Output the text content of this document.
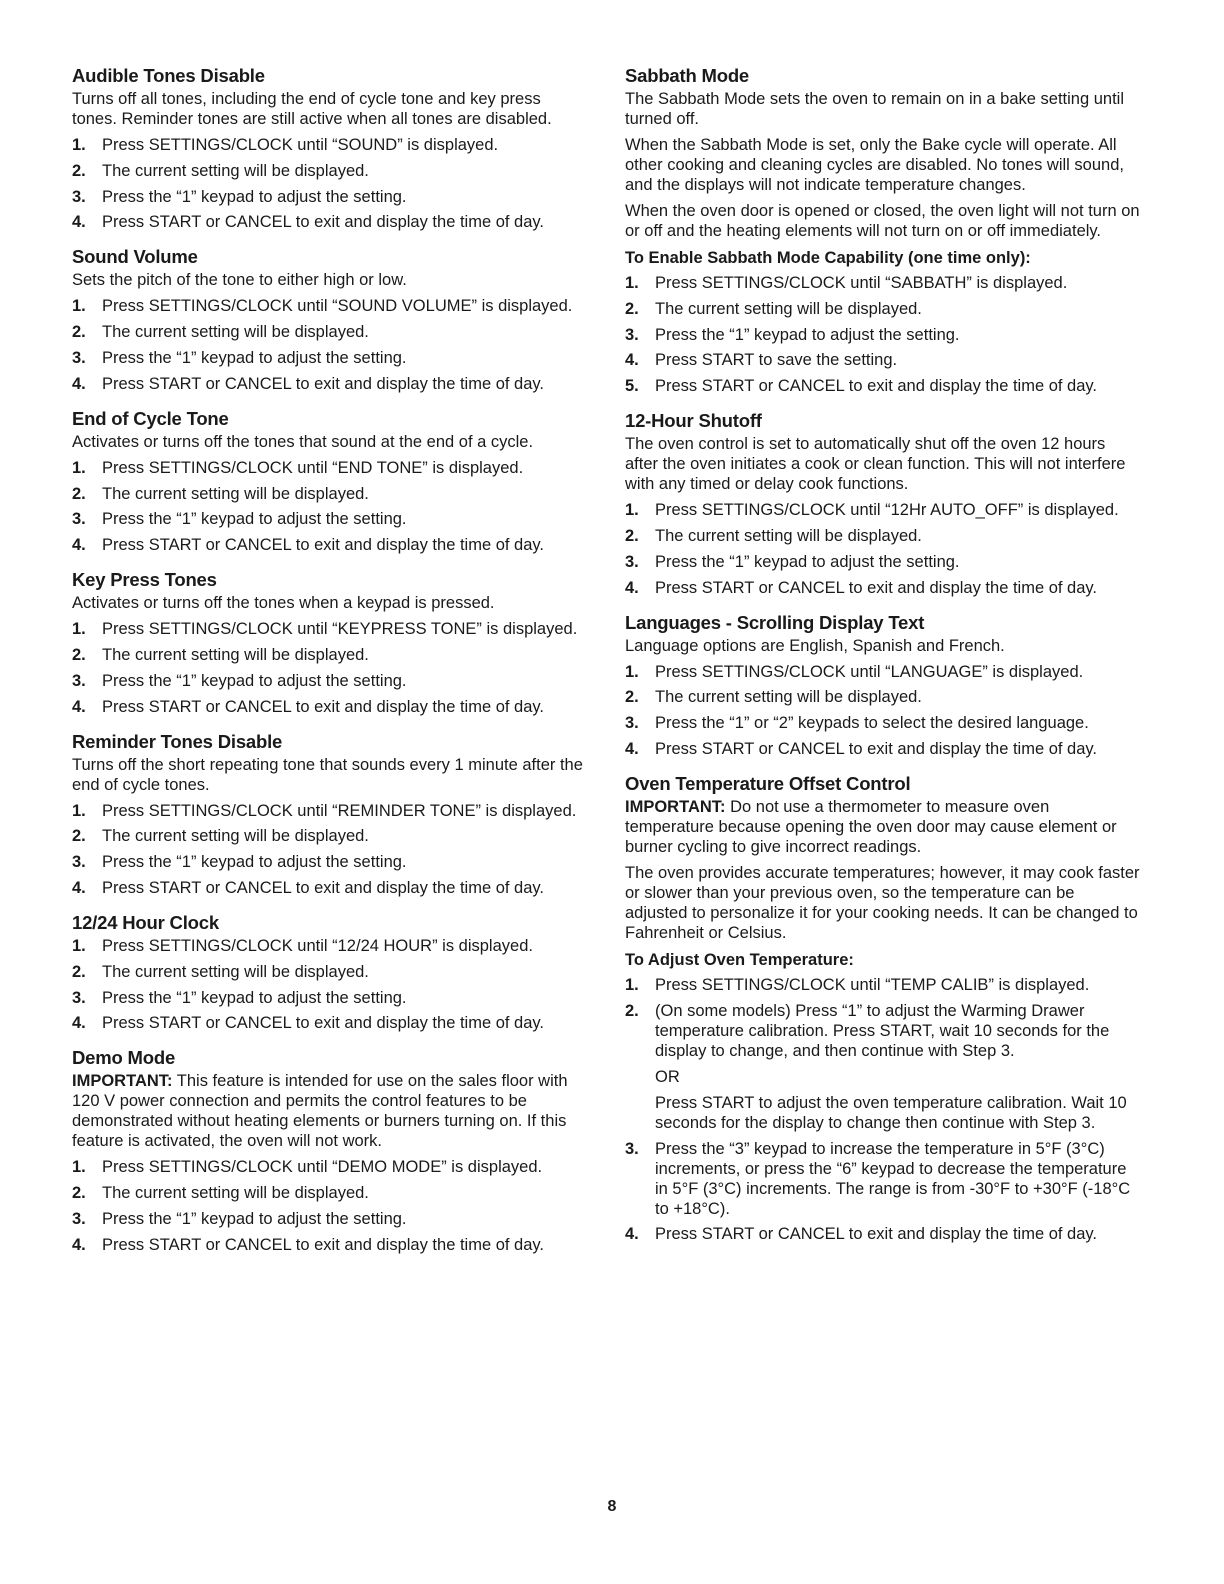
Audible Tones Disable

Turns off all tones, including the end of cycle tone and key press tones. Reminder tones are still active when all tones are disabled.

1. Press SETTINGS/CLOCK until “SOUND” is displayed.
2. The current setting will be displayed.
3. Press the “1” keypad to adjust the setting.
4. Press START or CANCEL to exit and display the time of day.
Sound Volume

Sets the pitch of the tone to either high or low.

1. Press SETTINGS/CLOCK until “SOUND VOLUME” is displayed.
2. The current setting will be displayed.
3. Press the “1” keypad to adjust the setting.
4. Press START or CANCEL to exit and display the time of day.
End of Cycle Tone

Activates or turns off the tones that sound at the end of a cycle.

1. Press SETTINGS/CLOCK until “END TONE” is displayed.
2. The current setting will be displayed.
3. Press the “1” keypad to adjust the setting.
4. Press START or CANCEL to exit and display the time of day.
Key Press Tones

Activates or turns off the tones when a keypad is pressed.

1. Press SETTINGS/CLOCK until “KEYPRESS TONE” is displayed.
2. The current setting will be displayed.
3. Press the “1” keypad to adjust the setting.
4. Press START or CANCEL to exit and display the time of day.
Reminder Tones Disable

Turns off the short repeating tone that sounds every 1 minute after the end of cycle tones.

1. Press SETTINGS/CLOCK until “REMINDER TONE” is displayed.
2. The current setting will be displayed.
3. Press the “1” keypad to adjust the setting.
4. Press START or CANCEL to exit and display the time of day.
12/24 Hour Clock
1. Press SETTINGS/CLOCK until “12/24 HOUR” is displayed.
2. The current setting will be displayed.
3. Press the “1” keypad to adjust the setting.
4. Press START or CANCEL to exit and display the time of day.
Demo Mode

IMPORTANT: This feature is intended for use on the sales floor with 120 V power connection and permits the control features to be demonstrated without heating elements or burners turning on. If this feature is activated, the oven will not work.

1. Press SETTINGS/CLOCK until “DEMO MODE” is displayed.
2. The current setting will be displayed.
3. Press the “1” keypad to adjust the setting.
4. Press START or CANCEL to exit and display the time of day.
Sabbath Mode

The Sabbath Mode sets the oven to remain on in a bake setting until turned off.

When the Sabbath Mode is set, only the Bake cycle will operate. All other cooking and cleaning cycles are disabled. No tones will sound, and the displays will not indicate temperature changes.

When the oven door is opened or closed, the oven light will not turn on or off and the heating elements will not turn on or off immediately.

To Enable Sabbath Mode Capability (one time only):
1. Press SETTINGS/CLOCK until “SABBATH” is displayed.
2. The current setting will be displayed.
3. Press the “1” keypad to adjust the setting.
4. Press START to save the setting.
5. Press START or CANCEL to exit and display the time of day.
12-Hour Shutoff

The oven control is set to automatically shut off the oven 12 hours after the oven initiates a cook or clean function. This will not interfere with any timed or delay cook functions.

1. Press SETTINGS/CLOCK until “12Hr AUTO_OFF” is displayed.
2. The current setting will be displayed.
3. Press the “1” keypad to adjust the setting.
4. Press START or CANCEL to exit and display the time of day.
Languages - Scrolling Display Text

Language options are English, Spanish and French.

1. Press SETTINGS/CLOCK until “LANGUAGE” is displayed.
2. The current setting will be displayed.
3. Press the “1” or “2” keypads to select the desired language.
4. Press START or CANCEL to exit and display the time of day.
Oven Temperature Offset Control

IMPORTANT: Do not use a thermometer to measure oven temperature because opening the oven door may cause element or burner cycling to give incorrect readings.

The oven provides accurate temperatures; however, it may cook faster or slower than your previous oven, so the temperature can be adjusted to personalize it for your cooking needs. It can be changed to Fahrenheit or Celsius.

To Adjust Oven Temperature:
1. Press SETTINGS/CLOCK until “TEMP CALIB” is displayed.
2. (On some models) Press “1” to adjust the Warming Drawer temperature calibration. Press START, wait 10 seconds for the display to change, and then continue with Step 3.
OR
Press START to adjust the oven temperature calibration. Wait 10 seconds for the display to change then continue with Step 3.
3. Press the “3” keypad to increase the temperature in 5°F (3°C) increments, or press the “6” keypad to decrease the temperature in 5°F (3°C) increments. The range is from -30°F to +30°F (-18°C to +18°C).
4. Press START or CANCEL to exit and display the time of day.
8
